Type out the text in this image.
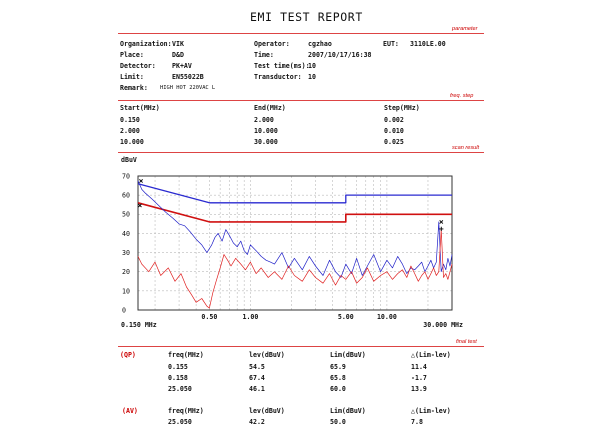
EMI TEST REPORT
parameter
Organization: VIK
Place:	D&D
Detector: PK+AV
Limit:	EN55022B
Remark: HIGH HOT 220VAC L
Operator:	cgzhao
Time:	2007/10/17/16:38
Test time(ms):
10
Transductor: 10
EUT: 3110LE.00
freq. step
Start(MHz)	End(MHz)	Step(MHz)
0.150	2.000	0.002
2.000	10.000	0.010
10.000	30.000	0.025
scan result
dBuV
×
×
×
+
0
10
20
30
40
50
60
70
0.150 MHz
0.50	1.00	5.00	10.00
30.000 MHz
final test
(QP)	freq(MHz)	lev(dBuV)	Lim(dBuV)	△(Lim-lev)
0.155	54.5	65.9	11.4
0.158	67.4	65.8	-1.7
25.050	46.1	60.0	13.9
(AV)	freq(MHz)	lev(dBuV)	Lim(dBuV)	△(Lim-lev)
25.050	42.2	50.0	7.8
